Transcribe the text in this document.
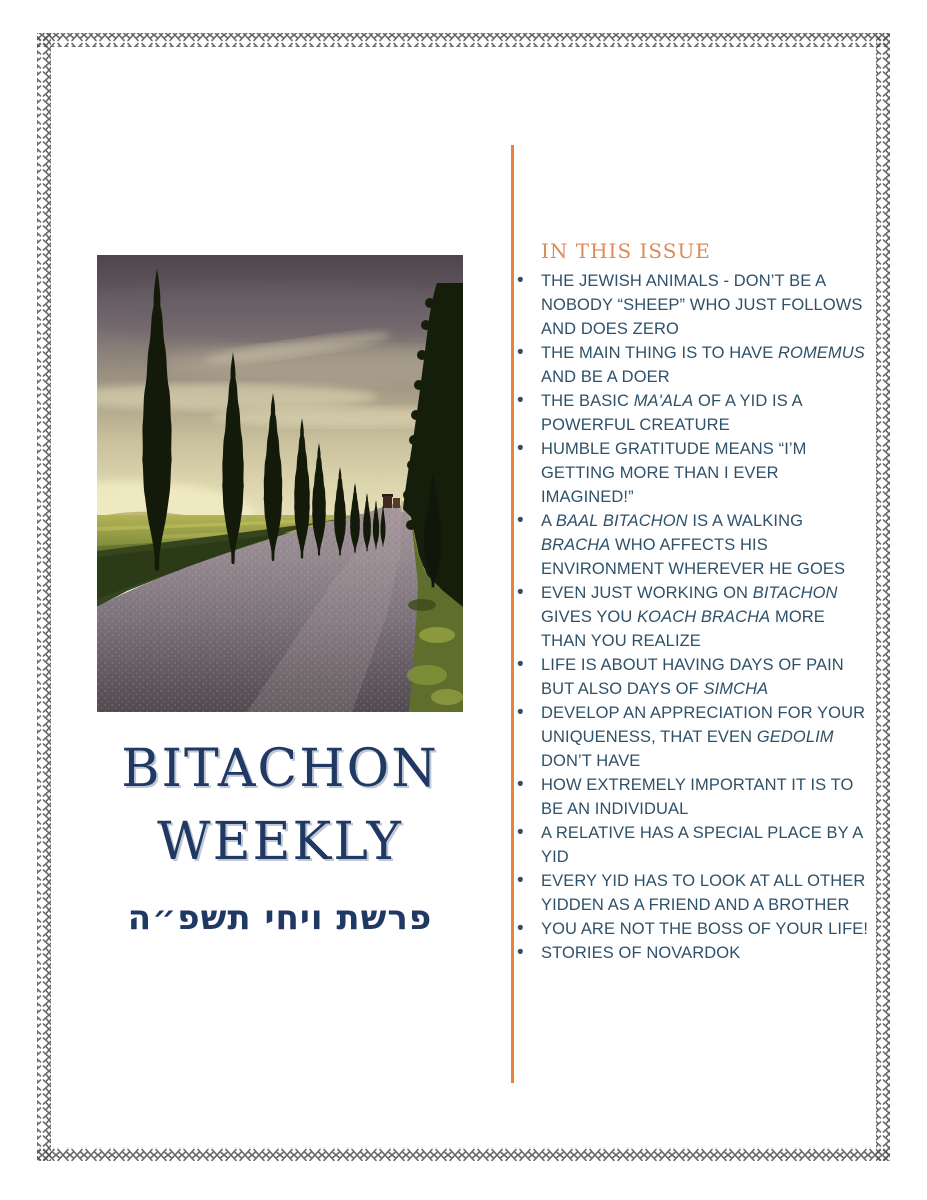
BITACHON
WEEKLY
פרשת ויחי תשפ״ה
IN THIS ISSUE
• THE JEWISH ANIMALS - DON’T BE A NOBODY “SHEEP” WHO JUST FOLLOWS AND DOES ZERO
• THE MAIN THING IS TO HAVE ROMEMUS AND BE A DOER
• THE BASIC MA'ALA OF A YID IS A POWERFUL CREATURE
• HUMBLE GRATITUDE MEANS “I’M GETTING MORE THAN I EVER IMAGINED!”
• A BAAL BITACHON IS A WALKING BRACHA WHO AFFECTS HIS ENVIRONMENT WHEREVER HE GOES
• EVEN JUST WORKING ON BITACHON GIVES YOU KOACH BRACHA MORE THAN YOU REALIZE
• LIFE IS ABOUT HAVING DAYS OF PAIN BUT ALSO DAYS OF SIMCHA
• DEVELOP AN APPRECIATION FOR YOUR UNIQUENESS, THAT EVEN GEDOLIM DON’T HAVE
• HOW EXTREMELY IMPORTANT IT IS TO BE AN INDIVIDUAL
• A RELATIVE HAS A SPECIAL PLACE BY A YID
• EVERY YID HAS TO LOOK AT ALL OTHER YIDDEN AS A FRIEND AND A BROTHER
• YOU ARE NOT THE BOSS OF YOUR LIFE!
• STORIES OF NOVARDOK
